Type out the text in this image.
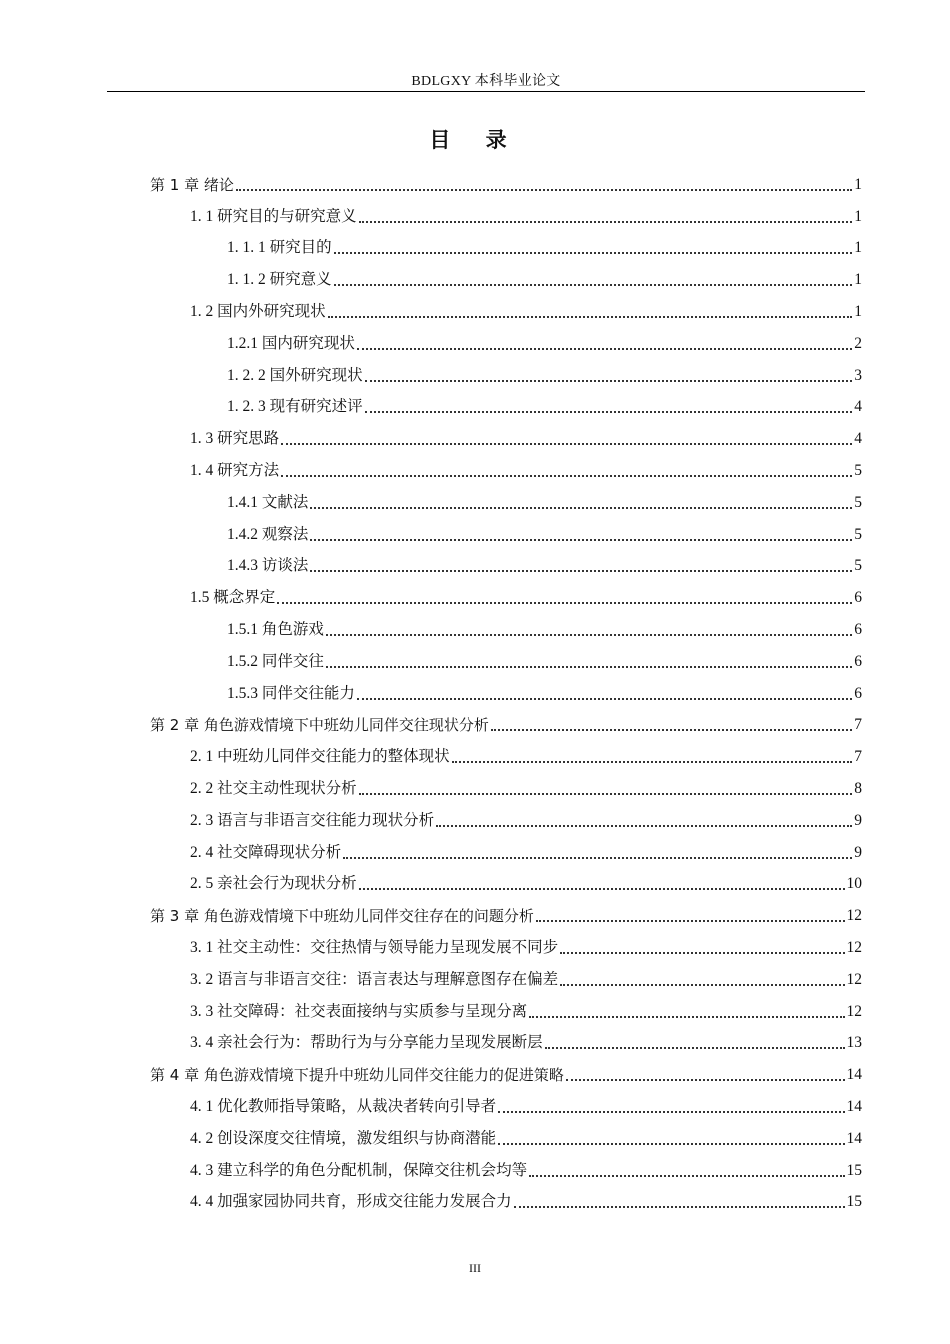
BDLGXY 本科毕业论文
目 录
第 1 章 绪论	1
1. 1 研究目的与研究意义	1
1. 1. 1 研究目的	1
1. 1. 2 研究意义	1
1. 2 国内外研究现状	1
1.2.1 国内研究现状	2
1. 2. 2 国外研究现状	3
1. 2. 3 现有研究述评	4
1. 3 研究思路	4
1. 4 研究方法	5
1.4.1 文献法	5
1.4.2 观察法	5
1.4.3 访谈法	5
1.5 概念界定	6
1.5.1 角色游戏	6
1.5.2 同伴交往	6
1.5.3 同伴交往能力	6
第 2 章 角色游戏情境下中班幼儿同伴交往现状分析	7
2. 1 中班幼儿同伴交往能力的整体现状	7
2. 2 社交主动性现状分析	8
2. 3 语言与非语言交往能力现状分析	9
2. 4 社交障碍现状分析	9
2. 5 亲社会行为现状分析	10
第 3 章 角色游戏情境下中班幼儿同伴交往存在的问题分析	12
3. 1 社交主动性：交往热情与领导能力呈现发展不同步	12
3. 2 语言与非语言交往：语言表达与理解意图存在偏差	12
3. 3 社交障碍：社交表面接纳与实质参与呈现分离	12
3. 4 亲社会行为：帮助行为与分享能力呈现发展断层	13
第 4 章 角色游戏情境下提升中班幼儿同伴交往能力的促进策略	14
4. 1 优化教师指导策略，从裁决者转向引导者	14
4. 2 创设深度交往情境，激发组织与协商潜能	14
4. 3 建立科学的角色分配机制，保障交往机会均等	15
4. 4 加强家园协同共育，形成交往能力发展合力	15
III
